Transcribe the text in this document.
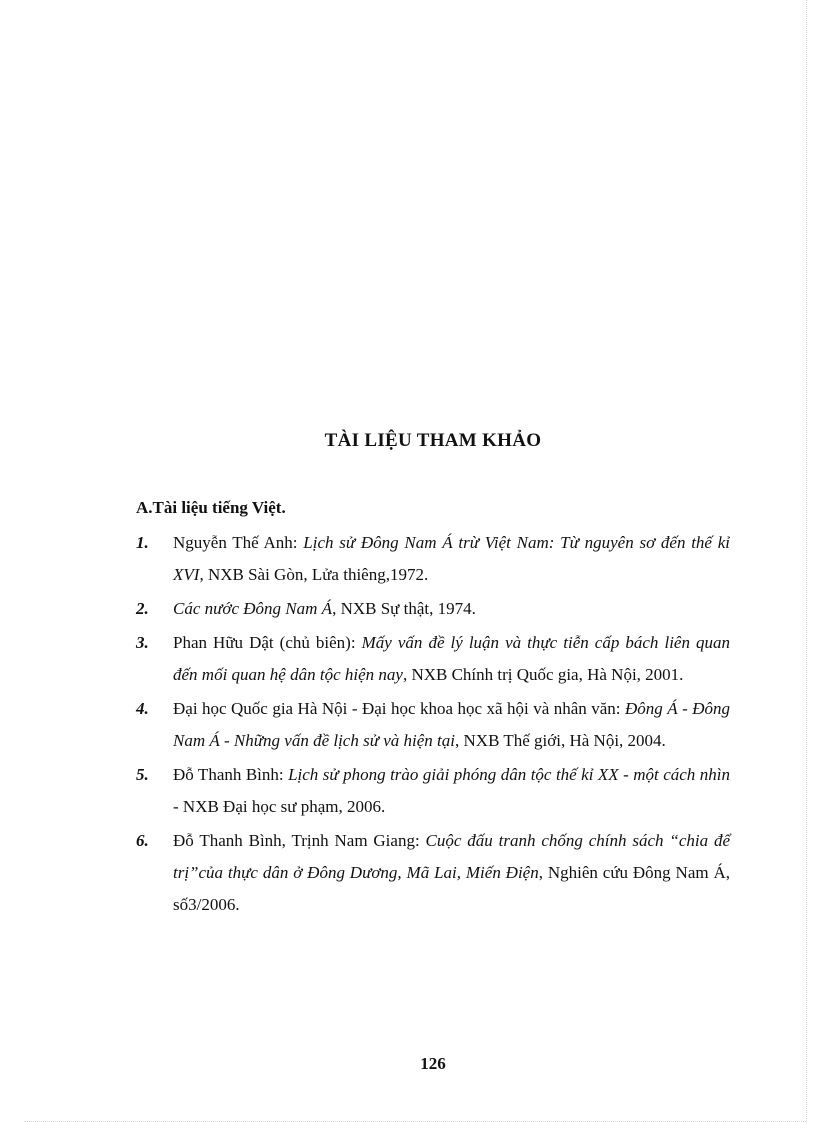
TÀI LIỆU THAM KHẢO
A.Tài liệu tiếng Việt.
1. Nguyễn Thế Anh: Lịch sử Đông Nam Á trừ Việt Nam: Từ nguyên sơ đến thế kỉ XVI, NXB Sài Gòn, Lửa thiêng,1972.
2. Các nước Đông Nam Á, NXB Sự thật, 1974.
3. Phan Hữu Dật (chủ biên): Mấy vấn đề lý luận và thực tiễn cấp bách liên quan đến mối quan hệ dân tộc hiện nay, NXB Chính trị Quốc gia, Hà Nội, 2001.
4. Đại học Quốc gia Hà Nội - Đại học khoa học xã hội và nhân văn: Đông Á - Đông Nam Á - Những vấn đề lịch sử và hiện tại, NXB Thế giới, Hà Nội, 2004.
5. Đỗ Thanh Bình: Lịch sử phong trào giải phóng dân tộc thế kỉ XX - một cách nhìn - NXB Đại học sư phạm, 2006.
6. Đỗ Thanh Bình, Trịnh Nam Giang: Cuộc đấu tranh chống chính sách “chia để trị”của thực dân ở Đông Dương, Mã Lai, Miến Điện, Nghiên cứu Đông Nam Á, số3/2006.
126
